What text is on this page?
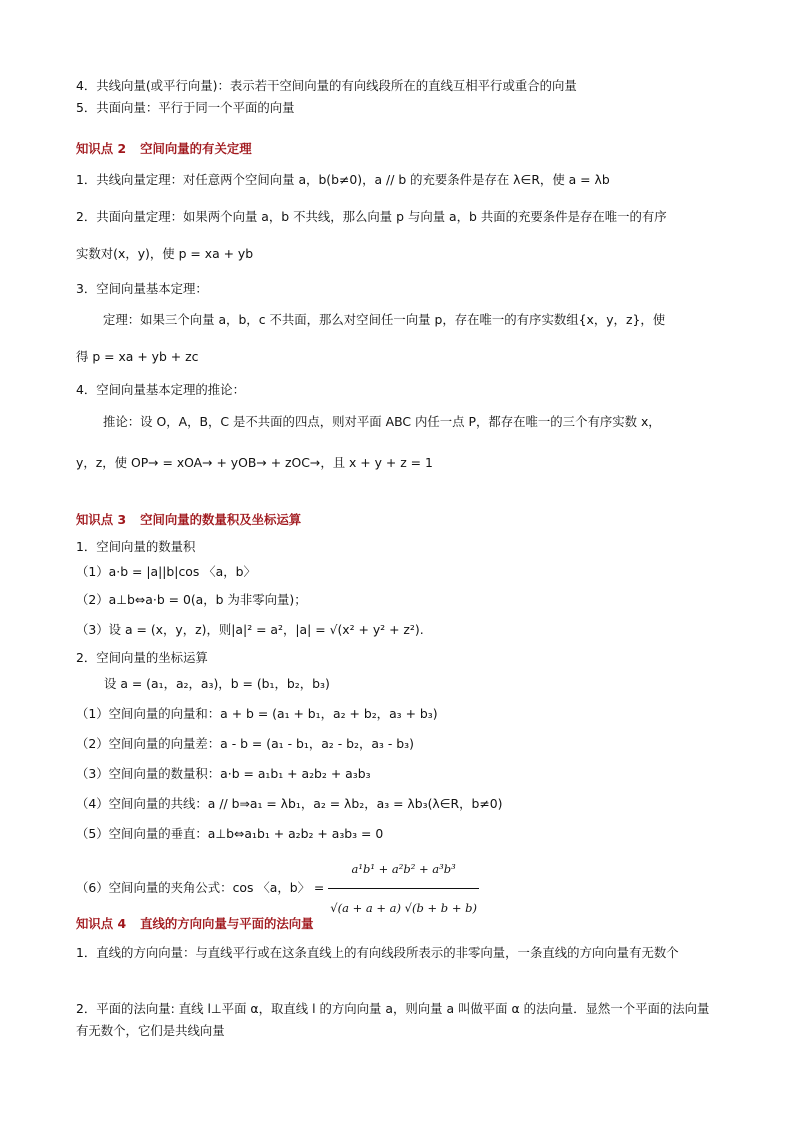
4．共线向量(或平行向量)：表示若干空间向量的有向线段所在的直线互相平行或重合的向量
5．共面向量：平行于同一个平面的向量
知识点 2 空间向量的有关定理
1．共线向量定理：对任意两个空间向量 a，b(b≠0)，a // b 的充要条件是存在 λ∈R，使 a = λb
2．共面向量定理：如果两个向量 a，b 不共线，那么向量 p 与向量 a，b 共面的充要条件是存在唯一的有序
实数对(x，y)，使 p = xa + yb
3．空间向量基本定理：
定理：如果三个向量 a，b，c 不共面，那么对空间任一向量 p，存在唯一的有序实数组{x，y，z}，使
得 p = xa + yb + zc
4．空间向量基本定理的推论：
推论：设 O，A，B，C 是不共面的四点，则对平面 ABC 内任一点 P，都存在唯一的三个有序实数 x，
y，z，使 OP→ = xOA→ + yOB→ + zOC→，且 x + y + z = 1
知识点 3 空间向量的数量积及坐标运算
1．空间向量的数量积
（1）a·b = |a||b|cos 〈a，b〉
（2）a⊥b⇔a·b = 0(a，b 为非零向量)；
（3）设 a = (x，y，z)，则|a|² = a²，|a| = √(x² + y² + z²).
2．空间向量的坐标运算
设 a = (a₁，a₂，a₃)，b = (b₁，b₂，b₃)
（1）空间向量的向量和：a + b = (a₁ + b₁，a₂ + b₂，a₃ + b₃)
（2）空间向量的向量差：a - b = (a₁ - b₁，a₂ - b₂，a₃ - b₃)
（3）空间向量的数量积：a·b = a₁b₁ + a₂b₂ + a₃b₃
（4）空间向量的共线：a // b⇒a₁ = λb₁，a₂ = λb₂，a₃ = λb₃(λ∈R，b≠0)
（5）空间向量的垂直：a⊥b⇔a₁b₁ + a₂b₂ + a₃b₃ = 0
（6）空间向量的夹角公式：cos 〈a，b〉 = $\frac{\text{a¹b¹ + a²b² + a³b³}}{√(a + a + a) √(b + b + b)}$
知识点 4 直线的方向向量与平面的法向量
1．直线的方向向量：与直线平行或在这条直线上的有向线段所表示的非零向量，一条直线的方向向量有无数个
2．平面的法向量: 直线 l⊥平面 α，取直线 l 的方向向量 a，则向量 a 叫做平面 α 的法向量．显然一个平面的法向量有无数个，它们是共线向量
